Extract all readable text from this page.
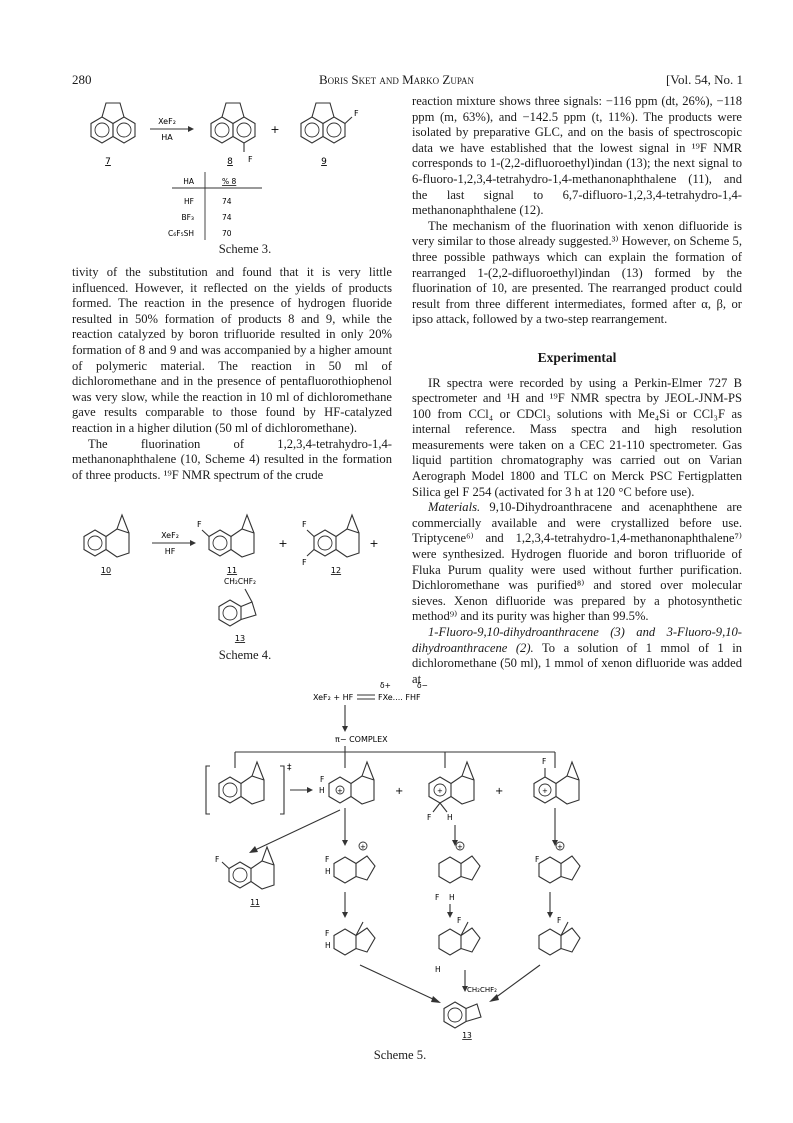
280	Boris Sket and Marko Zupan	[Vol. 54, No. 1
7
XeF₂
HA
F
8
+
F
9
HA	% 8
HF	74
BF₃	74
C₆F₅SH	70
Scheme 3.

tivity of the substitution and found that it is very little influenced. However, it reflected on the yields of products formed. The reaction in the presence of hydrogen fluoride resulted in 50% formation of products 8 and 9, while the reaction catalyzed by boron trifluoride resulted in only 20% formation of 8 and 9 and was accompanied by a higher amount of polymeric material. The reaction in 50 ml of dichloromethane and in the presence of pentafluorothiophenol was very slow, while the reaction in 10 ml of dichloromethane gave results comparable to those found by HF-catalyzed reaction in a higher dilution (50 ml of dichloromethane).

The fluorination of 1,2,3,4-tetrahydro-1,4-methanonaphthalene (10, Scheme 4) resulted in the formation of three products. ¹⁹F NMR spectrum of the crude

10
XeF₂
HF
F
11
+
F
F
12
+
CH₂CHF₂
13
Scheme 4.

reaction mixture shows three signals: −116 ppm (dt, 26%), −118 ppm (m, 63%), and −142.5 ppm (t, 11%). The products were isolated by preparative GLC, and on the basis of spectroscopic data we have established that the lowest signal in ¹⁹F NMR corresponds to 1-(2,2-difluoroethyl)indan (13); the next signal to 6-fluoro-1,2,3,4-tetrahydro-1,4-methanonaphthalene (11), and the last signal to 6,7-difluoro-1,2,3,4-tetrahydro-1,4-methanonaphthalene (12).

The mechanism of the fluorination with xenon difluoride is very similar to those already suggested.³⁾ However, on Scheme 5, three possible pathways which can explain the formation of rearranged 1-(2,2-difluoroethyl)indan (13) formed by the fluorination of 10, are presented. The rearranged product could result from three different intermediates, formed after α, β, or ipso attack, followed by a two-step rearrangement.

Experimental

IR spectra were recorded by using a Perkin-Elmer 727 B spectrometer and ¹H and ¹⁹F NMR spectra by JEOL-JNM-PS 100 from CCl₄ or CDCl₃ solutions with Me₄Si or CCl₃F as internal reference. Mass spectra and high resolution measurements were taken on a CEC 21-110 spectrometer. Gas liquid partition chromatography was carried out on Varian Aerograph Model 1800 and TLC on Merck PSC Fertigplatten Silica gel F 254 (activated for 3 h at 120 °C before use).

Materials. 9,10-Dihydroanthracene and acenaphthene are commercially available and were crystallized before use. Triptycene⁶⁾ and 1,2,3,4-tetrahydro-1,4-methanonaphthalene⁷⁾ were synthesized. Hydrogen fluoride and boron trifluoride of Fluka Purum quality were used without further purification. Dichloromethane was purified⁸⁾ and stored over molecular sieves. Xenon difluoride was prepared by a photosynthetic method⁹⁾ and its purity was higher than 99.5%.

1-Fluoro-9,10-dihydroanthracene (3) and 3-Fluoro-9,10-dihydroanthracene (2). To a solution of 1 mmol of 1 in dichloromethane (50 ml), 1 mmol of xenon difluoride was added at

δ+	δ−
XeF₂ + HF	FXe.... FHF
π− COMPLEX
‡
F
H +	+	+
F H
+
F
+
F
11
F
H
+	+
F H
+
F
F
H
F
H
F
CH₂CHF₂
13
Scheme 5.
